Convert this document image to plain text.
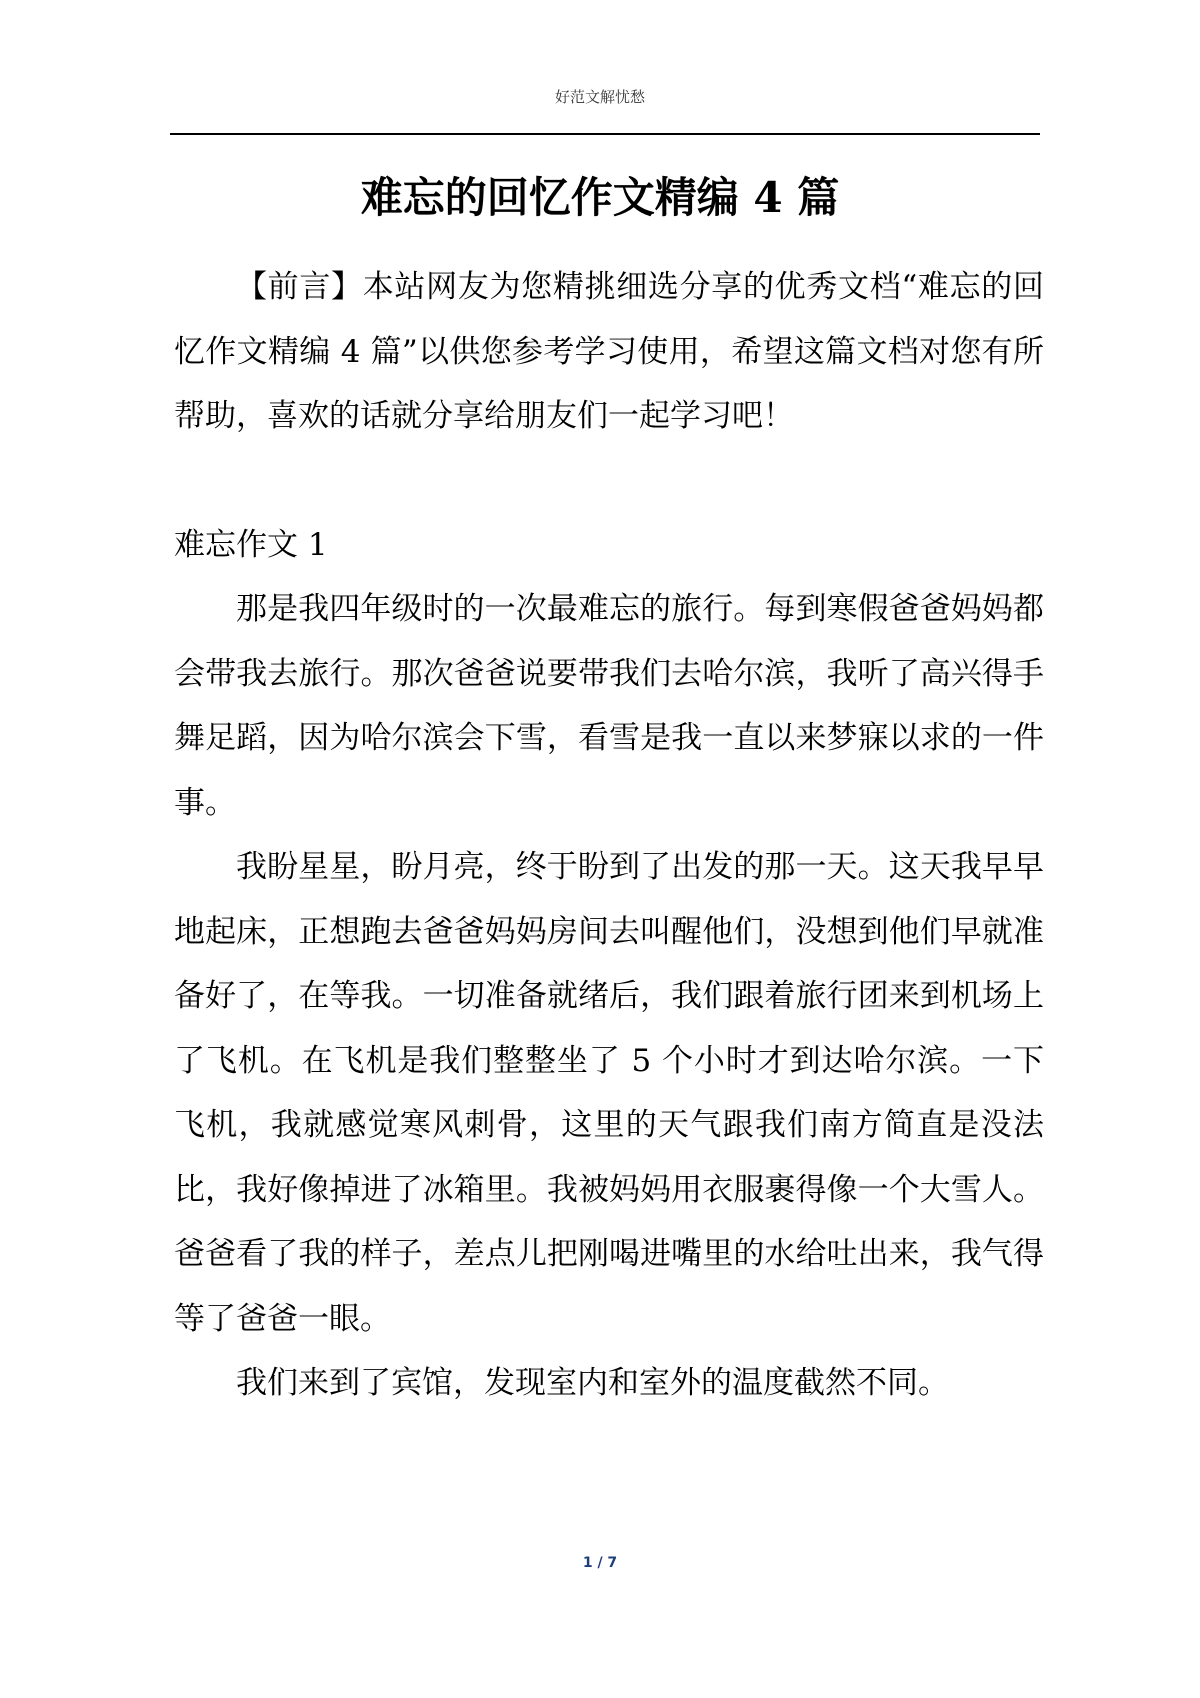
好范文解忧愁
难忘的回忆作文精编 4 篇

【前言】本站网友为您精挑细选分享的优秀文档“难忘的回忆作文精编 4 篇”以供您参考学习使用，希望这篇文档对您有所帮助，喜欢的话就分享给朋友们一起学习吧！

难忘作文 1

那是我四年级时的一次最难忘的旅行。每到寒假爸爸妈妈都会带我去旅行。那次爸爸说要带我们去哈尔滨，我听了高兴得手舞足蹈，因为哈尔滨会下雪，看雪是我一直以来梦寐以求的一件事。

我盼星星，盼月亮，终于盼到了出发的那一天。这天我早早地起床，正想跑去爸爸妈妈房间去叫醒他们，没想到他们早就准备好了，在等我。一切准备就绪后，我们跟着旅行团来到机场上了飞机。在飞机是我们整整坐了 5 个小时才到达哈尔滨。一下飞机，我就感觉寒风刺骨，这里的天气跟我们南方简直是没法比，我好像掉进了冰箱里。我被妈妈用衣服裹得像一个大雪人。爸爸看了我的样子，差点儿把刚喝进嘴里的水给吐出来，我气得等了爸爸一眼。

我们来到了宾馆，发现室内和室外的温度截然不同。

1 / 7
